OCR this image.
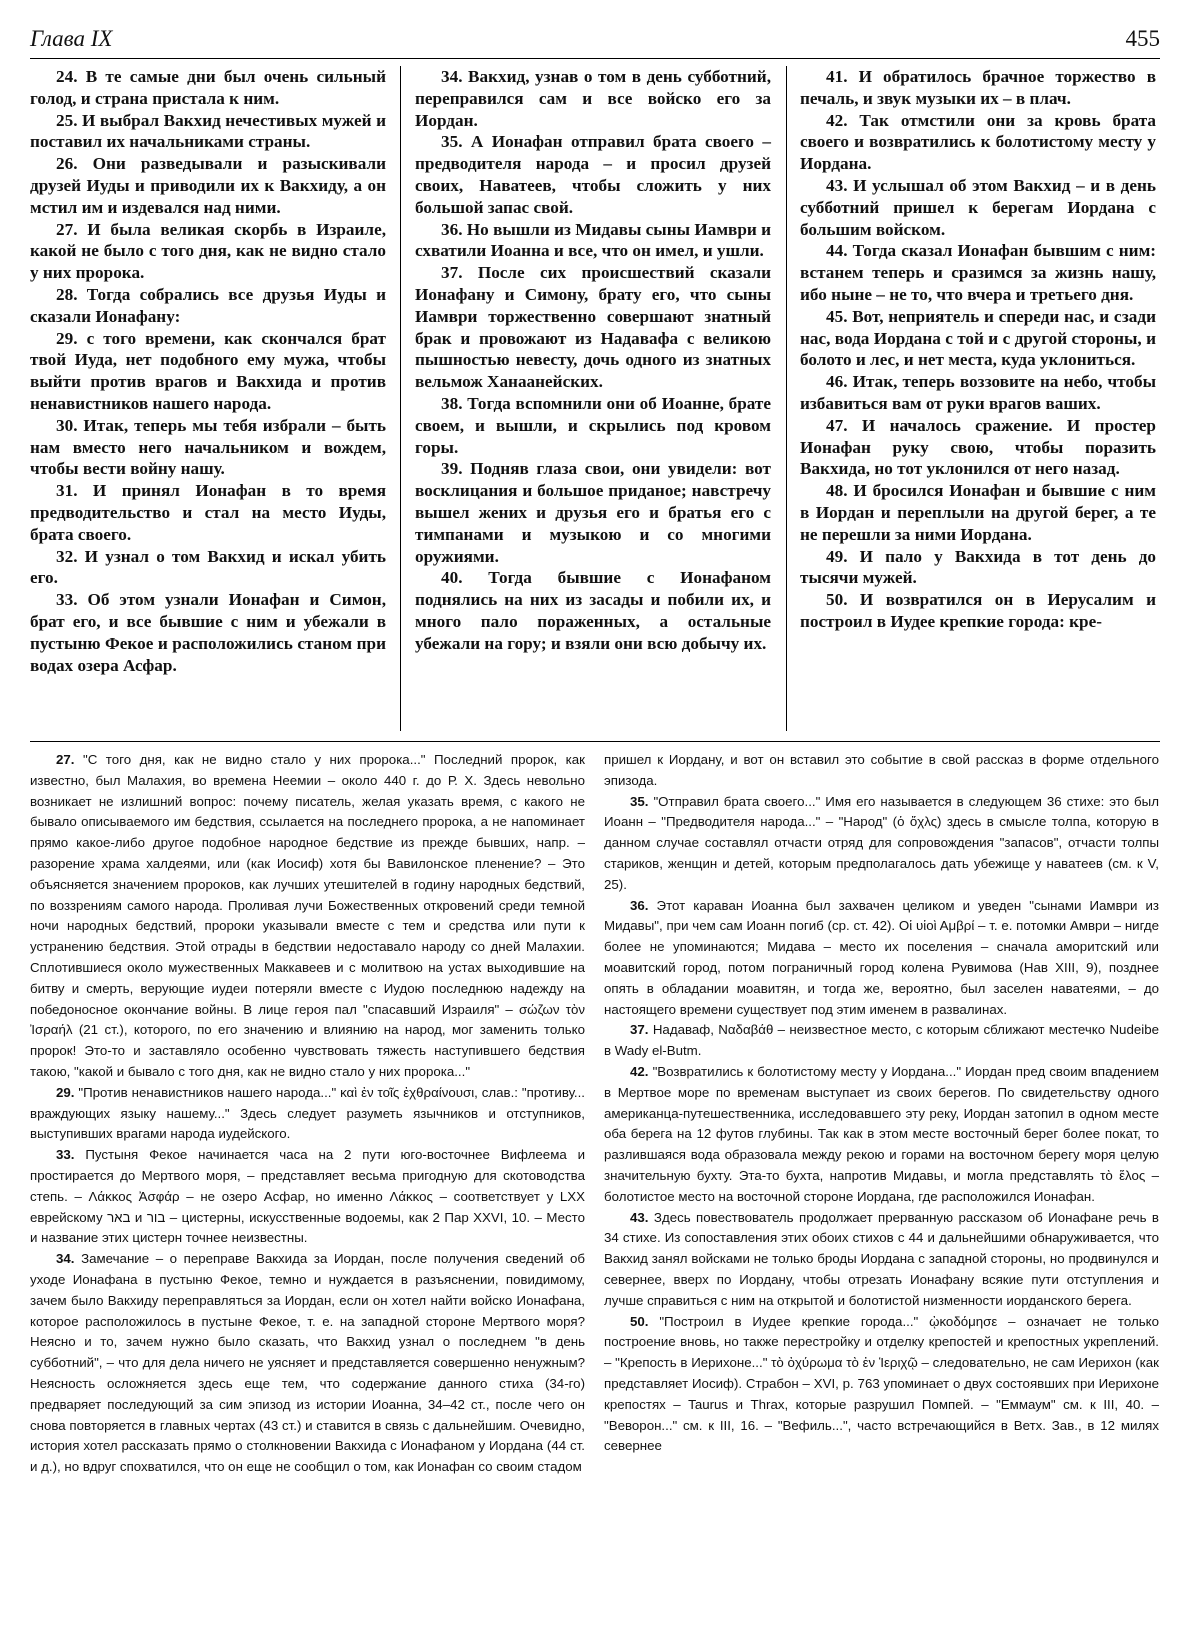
Глава IX	455

24. В те самые дни был очень сильный голод, и страна пристала к ним.

25. И выбрал Вакхид нечестивых мужей и поставил их начальниками страны.

26. Они разведывали и разыскивали друзей Иуды и приводили их к Вакхиду, а он мстил им и издевался над ними.

27. И была великая скорбь в Израиле, какой не было с того дня, как не видно стало у них пророка.

28. Тогда собрались все друзья Иуды и сказали Ионафану:

29. с того времени, как скончался брат твой Иуда, нет подобного ему мужа, чтобы выйти против врагов и Вакхида и против ненавистников нашего народа.

30. Итак, теперь мы тебя избрали – быть нам вместо него начальником и вождем, чтобы вести войну нашу.

31. И принял Ионафан в то время предводительство и стал на место Иуды, брата своего.

32. И узнал о том Вакхид и искал убить его.

33. Об этом узнали Ионафан и Симон, брат его, и все бывшие с ним и убежали в пустыню Фекое и расположились станом при водах озера Асфар.

34. Вакхид, узнав о том в день субботний, переправился сам и все войско его за Иордан.

35. А Ионафан отправил брата своего – предводителя народа – и просил друзей своих, Наватеев, чтобы сложить у них большой запас свой.

36. Но вышли из Мидавы сыны Иамври и схватили Иоанна и все, что он имел, и ушли.

37. После сих происшествий сказали Ионафану и Симону, брату его, что сыны Иамври торжественно совершают знатный брак и провожают из Надавафа с великою пышностью невесту, дочь одного из знатных вельмож Ханаанейских.

38. Тогда вспомнили они об Иоанне, брате своем, и вышли, и скрылись под кровом горы.

39. Подняв глаза свои, они увидели: вот восклицания и большое приданое; навстречу вышел жених и друзья его и братья его с тимпанами и музыкою и со многими оружиями.

40. Тогда бывшие с Ионафаном поднялись на них из засады и побили их, и много пало пораженных, а остальные убежали на гору; и взяли они всю добычу их.

41. И обратилось брачное торжество в печаль, и звук музыки их – в плач.

42. Так отмстили они за кровь брата своего и возвратились к болотистому месту у Иордана.

43. И услышал об этом Вакхид – и в день субботний пришел к берегам Иордана с большим войском.

44. Тогда сказал Ионафан бывшим с ним: встанем теперь и сразимся за жизнь нашу, ибо ныне – не то, что вчера и третьего дня.

45. Вот, неприятель и спереди нас, и сзади нас, вода Иордана с той и с другой стороны, и болото и лес, и нет места, куда уклониться.

46. Итак, теперь воззовите на небо, чтобы избавиться вам от руки врагов ваших.

47. И началось сражение. И простер Ионафан руку свою, чтобы поразить Вакхида, но тот уклонился от него назад.

48. И бросился Ионафан и бывшие с ним в Иордан и переплыли на другой берег, а те не перешли за ними Иордана.

49. И пало у Вакхида в тот день до тысячи мужей.

50. И возвратился он в Иерусалим и построил в Иудее крепкие города: кре-

27. "С того дня, как не видно стало у них пророка..." Последний пророк, как известно, был Малахия, во времена Неемии – около 440 г. до Р. Х. Здесь невольно возникает не излишний вопрос: почему писатель, желая указать время, с какого не бывало описываемого им бедствия, ссылается на последнего пророка, а не напоминает прямо какое-либо другое подобное народное бедствие из прежде бывших, напр. – разорение храма халдеями, или (как Иосиф) хотя бы Вавилонское пленение? – Это объясняется значением пророков, как лучших утешителей в годину народных бедствий, по воззрениям самого народа. Проливая лучи Божественных откровений среди темной ночи народных бедствий, пророки указывали вместе с тем и средства или пути к устранению бедствия. Этой отрады в бедствии недоставало народу со дней Малахии. Сплотившиеся около мужественных Маккавеев и с молитвою на устах выходившие на битву и смерть, верующие иудеи потеряли вместе с Иудою последнюю надежду на победоносное окончание войны. В лице героя пал "спасавший Израиля" – σώζων τὸν Ἰσραήλ (21 ст.), которого, по его значению и влиянию на народ, мог заменить только пророк! Это-то и заставляло особенно чувствовать тяжесть наступившего бедствия такою, "какой и бывало с того дня, как не видно стало у них пророка..."

29. "Против ненавистников нашего народа..." καὶ ἐν τοῖς ἐχθραίνουσι, слав.: "противу... враждующих языку нашему..." Здесь следует разуметь язычников и отступников, выступивших врагами народа иудейского.

33. Пустыня Фекое начинается часа на 2 пути юго-восточнее Вифлеема и простирается до Мертвого моря, – представляет весьма пригодную для скотоводства степь. – Λάκκος Ἀσφάρ – не озеро Асфар, но именно Λάκκος – соответствует у LXX еврейскому באר и בור – цистерны, искусственные водоемы, как 2 Пар XXVI, 10. – Место и название этих цистерн точнее неизвестны.

34. Замечание – о переправе Вакхида за Иордан, после получения сведений об уходе Ионафана в пустыню Фекое, темно и нуждается в разъяснении, повидимому, зачем было Вакхиду переправляться за Иордан, если он хотел найти войско Ионафана, которое расположилось в пустыне Фекое, т. е. на западной стороне Мертвого моря? Неясно и то, зачем нужно было сказать, что Вакхид узнал о последнем "в день субботний", – что для дела ничего не уясняет и представляется совершенно ненужным? Неясность осложняется здесь еще тем, что содержание данного стиха (34-го) предваряет последующий за сим эпизод из истории Иоанна, 34–42 ст., после чего он снова повторяется в главных чертах (43 ст.) и ставится в связь с дальнейшим. Очевидно, история хотел рассказать прямо о столкновении Вакхида с Ионафаном у Иордана (44 ст. и д.), но вдруг спохватился, что он еще не сообщил о том, как Ионафан со своим стадом

пришел к Иордану, и вот он вставил это событие в свой рассказ в форме отдельного эпизода.

35. "Отправил брата своего..." Имя его называется в следующем 36 стихе: это был Иоанн – "Предводителя народа..." – "Народ" (ὁ ὄχλς) здесь в смысле толпа, которую в данном случае составлял отчасти отряд для сопровождения "запасов", отчасти толпы стариков, женщин и детей, которым предполагалось дать убежище у наватеев (см. к V, 25).

36. Этот караван Иоанна был захвачен целиком и уведен "сынами Иамври из Мидавы", при чем сам Иоанн погиб (ср. ст. 42). Οἱ υἱοὶ Αμβρί – т. е. потомки Амври – нигде более не упоминаются; Мидава – место их поселения – сначала аморитский или моавитский город, потом пограничный город колена Рувимова (Нав XIII, 9), позднее опять в обладании моавитян, и тогда же, вероятно, был заселен наватеями, – до настоящего времени существует под этим именем в развалинах.

37. Надаваф, Ναδαβάθ – неизвестное место, с которым сближают местечко Nudeibe в Wady el-Butm.

42. "Возвратились к болотистому месту у Иордана..." Иордан пред своим впадением в Мертвое море по временам выступает из своих берегов. По свидетельству одного американца-путешественника, исследовавшего эту реку, Иордан затопил в одном месте оба берега на 12 футов глубины. Так как в этом месте восточный берег более покат, то разлившаяся вода образовала между рекою и горами на восточном берегу моря целую значительную бухту. Эта-то бухта, напротив Мидавы, и могла представлять τὸ ἕλος – болотистое место на восточной стороне Иордана, где расположился Ионафан.

43. Здесь повествователь продолжает прерванную рассказом об Ионафане речь в 34 стихе. Из сопоставления этих обоих стихов с 44 и дальнейшими обнаруживается, что Вакхид занял войсками не только броды Иордана с западной стороны, но продвинулся и севернее, вверх по Иордану, чтобы отрезать Ионафану всякие пути отступления и лучше справиться с ним на открытой и болотистой низменности иорданского берега.

50. "Построил в Иудее крепкие города..." ᾠκοδόμησε – означает не только построение вновь, но также перестройку и отделку крепостей и крепостных укреплений. – "Крепость в Иерихоне..." τὸ ὀχύρωμα τὸ ἐν Ἱεριχῷ – следовательно, не сам Иерихон (как представляет Иосиф). Страбон – XVI, р. 763 упоминает о двух состоявших при Иерихоне крепостях – Taurus и Thrax, которые разрушил Помпей. – "Еммаум" см. к III, 40. – "Веворон..." см. к III, 16. – "Вефиль...", часто встречающийся в Ветх. Зав., в 12 милях севернее
